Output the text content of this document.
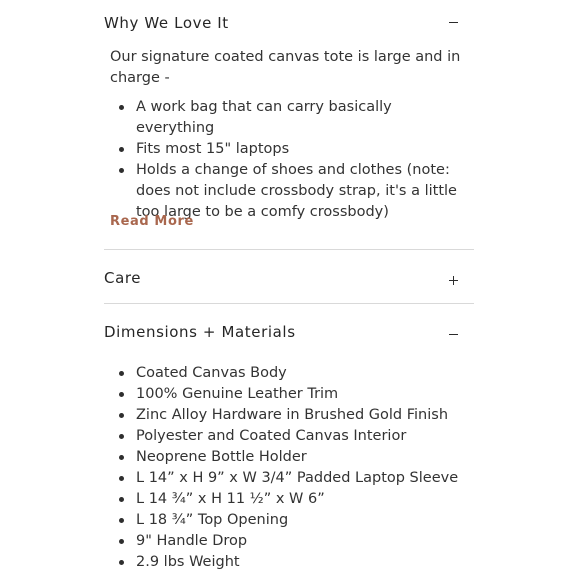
Why We Love It
Our signature coated canvas tote is large and in charge -
A work bag that can carry basically everything
Fits most 15" laptops
Holds a change of shoes and clothes (note: does not include crossbody strap, it's a little too large to be a comfy crossbody)
Read More
Care
Dimensions + Materials
Coated Canvas Body
100% Genuine Leather Trim
Zinc Alloy Hardware in Brushed Gold Finish
Polyester and Coated Canvas Interior
Neoprene Bottle Holder
L 14” x H 9” x W 3/4” Padded Laptop Sleeve
L 14 ¾” x H 11 ½” x W 6”
L 18 ¾” Top Opening
9" Handle Drop
2.9 lbs Weight
